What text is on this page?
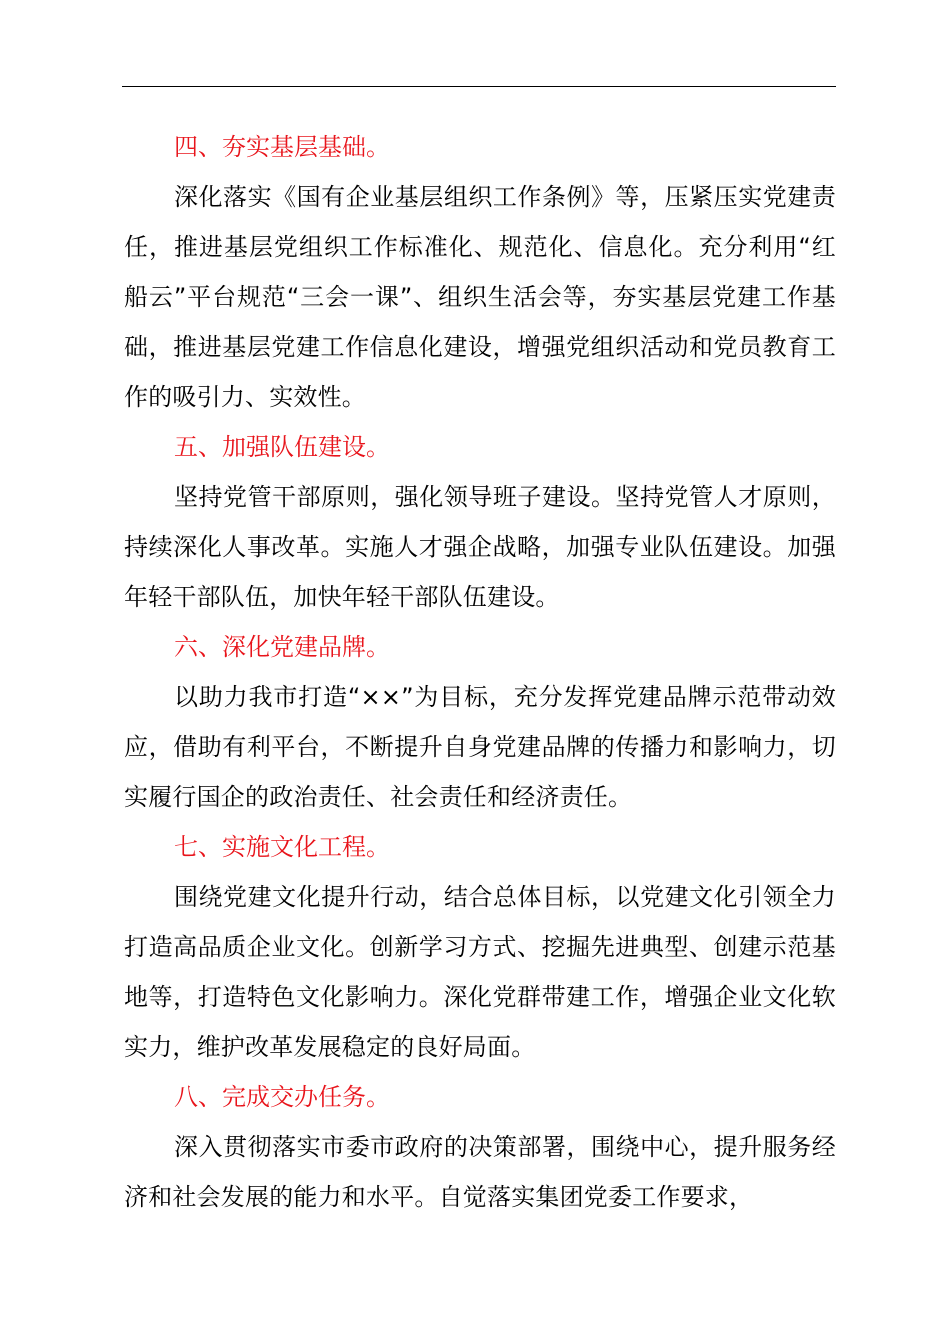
四、夯实基层基础。

深化落实《国有企业基层组织工作条例》等，压紧压实党建责任，推进基层党组织工作标准化、规范化、信息化。充分利用“红船云”平台规范“三会一课”、组织生活会等，夯实基层党建工作基础，推进基层党建工作信息化建设，增强党组织活动和党员教育工作的吸引力、实效性。

五、加强队伍建设。

坚持党管干部原则，强化领导班子建设。坚持党管人才原则，持续深化人事改革。实施人才强企战略，加强专业队伍建设。加强年轻干部队伍，加快年轻干部队伍建设。

六、深化党建品牌。

以助力我市打造“××”为目标，充分发挥党建品牌示范带动效应，借助有利平台，不断提升自身党建品牌的传播力和影响力，切实履行国企的政治责任、社会责任和经济责任。

七、实施文化工程。

围绕党建文化提升行动，结合总体目标，以党建文化引领全力打造高品质企业文化。创新学习方式、挖掘先进典型、创建示范基地等，打造特色文化影响力。深化党群带建工作，增强企业文化软实力，维护改革发展稳定的良好局面。

八、完成交办任务。

深入贯彻落实市委市政府的决策部署，围绕中心，提升服务经济和社会发展的能力和水平。自觉落实集团党委工作要求，
